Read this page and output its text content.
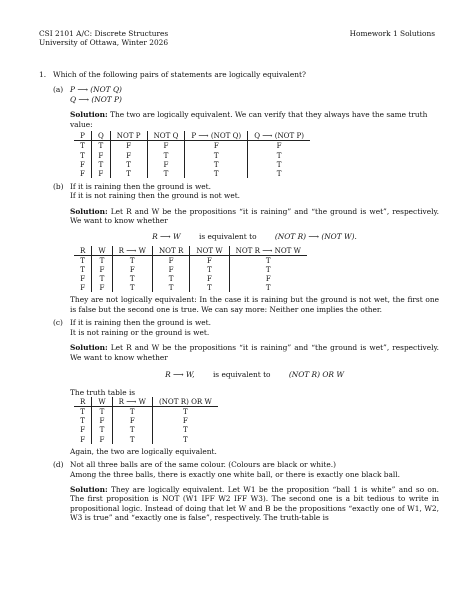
CSI 2101 A/C: Discrete Structures
University of Ottawa, Winter 2026
Homework 1 Solutions
1. Which of the following pairs of statements are logically equivalent?
(a) P ⟶ (NOT Q)
Q ⟶ (NOT P)
Solution: The two are logically equivalent. We can verify that they always have the same truth value:
P	Q	NOT P	NOT Q	P ⟶ (NOT Q)	Q ⟶ (NOT P)
T	T	F	F	F	F
T	F	F	T	T	T
F	T	T	F	T	T
F	F	T	T	T	T
(b) If it is raining then the ground is wet.
If it is not raining then the ground is not wet.
Solution: Let R and W be the propositions “it is raining” and “the ground is wet”, respectively. We want to know whether
R ⟶ W is equivalent to (NOT R) ⟶ (NOT W).
R	W	R ⟶ W	NOT R	NOT W	NOT R ⟶ NOT W
T	T	T	F	F	T
T	F	F	F	T	T
F	T	T	T	F	F
F	F	T	T	T	T
They are not logically equivalent: In the case it is raining but the ground is not wet, the first one is false but the second one is true. We can say more: Neither one implies the other.
(c) If it is raining then the ground is wet.
It is not raining or the ground is wet.
Solution: Let R and W be the propositions “it is raining” and “the ground is wet”, respectively. We want to know whether
R ⟶ W, is equivalent to (NOT R) OR W
The truth table is
R	W	R ⟶ W	(NOT R) OR W
T	T	T	T
T	F	F	F
F	T	T	T
F	F	T	T
Again, the two are logically equivalent.
(d) Not all three balls are of the same colour. (Colours are black or white.)
Among the three balls, there is exactly one white ball, or there is exactly one black ball.
Solution: They are logically equivalent. Let W1 be the proposition “ball 1 is white” and so on. The first proposition is NOT (W1 IFF W2 IFF W3). The second one is a bit tedious to write in propositional logic. Instead of doing that let W and B be the propositions “exactly one of W1, W2, W3 is true” and “exactly one is false”, respectively. The truth-table is
